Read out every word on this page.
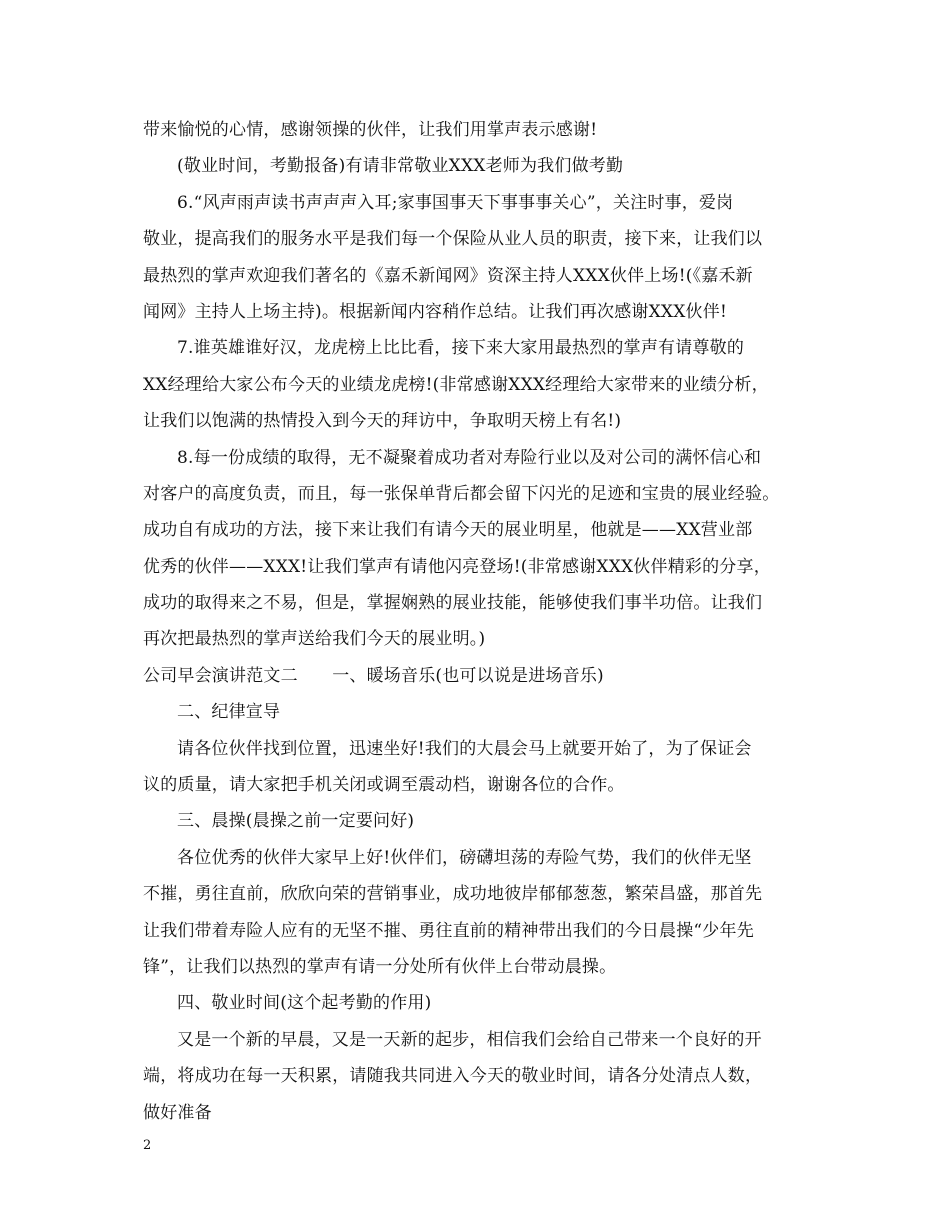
带来愉悦的心情，感谢领操的伙伴，让我们用掌声表示感谢!
(敬业时间，考勤报备)有请非常敬业XXX老师为我们做考勤
6.“风声雨声读书声声声入耳;家事国事天下事事事关心”，关注时事，爱岗
敬业，提高我们的服务水平是我们每一个保险从业人员的职责，接下来，让我们以
最热烈的掌声欢迎我们著名的《嘉禾新闻网》资深主持人XXX伙伴上场!(《嘉禾新
闻网》主持人上场主持)。根据新闻内容稍作总结。让我们再次感谢XXX伙伴!
7.谁英雄谁好汉，龙虎榜上比比看，接下来大家用最热烈的掌声有请尊敬的
XX经理给大家公布今天的业绩龙虎榜!(非常感谢XXX经理给大家带来的业绩分析，
让我们以饱满的热情投入到今天的拜访中，争取明天榜上有名!)
8.每一份成绩的取得，无不凝聚着成功者对寿险行业以及对公司的满怀信心和
对客户的高度负责，而且，每一张保单背后都会留下闪光的足迹和宝贵的展业经验。
成功自有成功的方法，接下来让我们有请今天的展业明星，他就是——XX营业部
优秀的伙伴——XXX!让我们掌声有请他闪亮登场!(非常感谢XXX伙伴精彩的分享，
成功的取得来之不易，但是，掌握娴熟的展业技能，能够使我们事半功倍。让我们
再次把最热烈的掌声送给我们今天的展业明。)
公司早会演讲范文二　　一、暖场音乐(也可以说是进场音乐)
二、纪律宣导
请各位伙伴找到位置，迅速坐好!我们的大晨会马上就要开始了，为了保证会
议的质量，请大家把手机关闭或调至震动档，谢谢各位的合作。
三、晨操(晨操之前一定要问好)
各位优秀的伙伴大家早上好!伙伴们，磅礴坦荡的寿险气势，我们的伙伴无坚
不摧，勇往直前，欣欣向荣的营销事业，成功地彼岸郁郁葱葱，繁荣昌盛，那首先
让我们带着寿险人应有的无坚不摧、勇往直前的精神带出我们的今日晨操“少年先
锋”，让我们以热烈的掌声有请一分处所有伙伴上台带动晨操。
四、敬业时间(这个起考勤的作用)
又是一个新的早晨，又是一天新的起步，相信我们会给自己带来一个良好的开
端，将成功在每一天积累，请随我共同进入今天的敬业时间，请各分处清点人数，
做好准备
2
